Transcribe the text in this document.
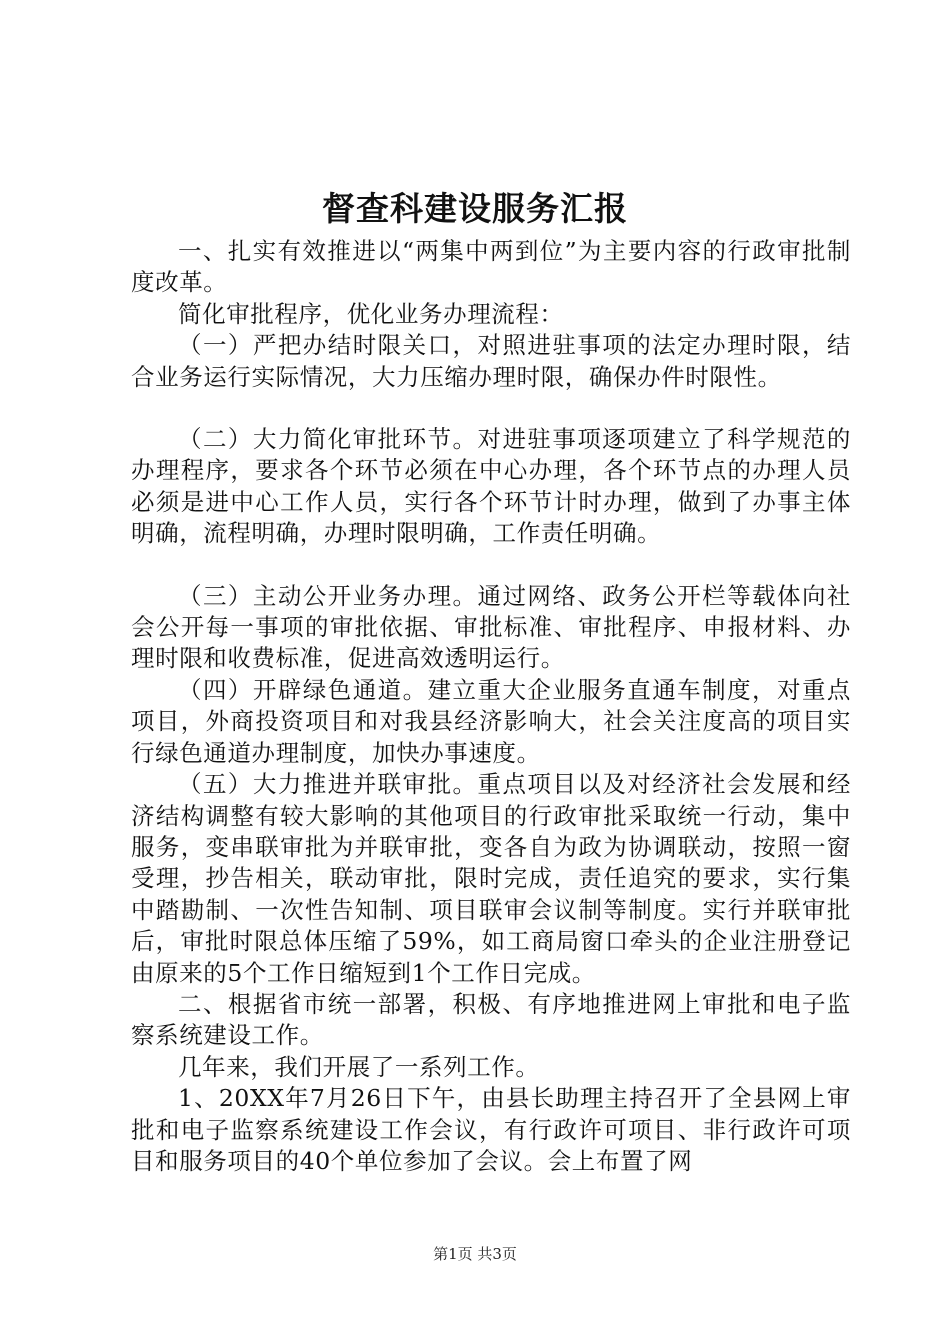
督查科建设服务汇报

一、扎实有效推进以“两集中两到位”为主要内容的行政审批制度改革。

简化审批程序，优化业务办理流程：

（一）严把办结时限关口，对照进驻事项的法定办理时限，结合业务运行实际情况，大力压缩办理时限，确保办件时限性。

（二）大力简化审批环节。对进驻事项逐项建立了科学规范的办理程序，要求各个环节必须在中心办理，各个环节点的办理人员必须是进中心工作人员，实行各个环节计时办理，做到了办事主体明确，流程明确，办理时限明确，工作责任明确。

（三）主动公开业务办理。通过网络、政务公开栏等载体向社会公开每一事项的审批依据、审批标准、审批程序、申报材料、办理时限和收费标准，促进高效透明运行。

（四）开辟绿色通道。建立重大企业服务直通车制度，对重点项目，外商投资项目和对我县经济影响大，社会关注度高的项目实行绿色通道办理制度，加快办事速度。

（五）大力推进并联审批。重点项目以及对经济社会发展和经济结构调整有较大影响的其他项目的行政审批采取统一行动，集中服务，变串联审批为并联审批，变各自为政为协调联动，按照一窗受理，抄告相关，联动审批，限时完成，责任追究的要求，实行集中踏勘制、一次性告知制、项目联审会议制等制度。实行并联审批后，审批时限总体压缩了59%，如工商局窗口牵头的企业注册登记由原来的5个工作日缩短到1个工作日完成。

二、根据省市统一部署，积极、有序地推进网上审批和电子监察系统建设工作。

几年来，我们开展了一系列工作。

1、20XX年7月26日下午，由县长助理主持召开了全县网上审批和电子监察系统建设工作会议，有行政许可项目、非行政许可项目和服务项目的40个单位参加了会议。会上布置了网

第1页 共3页
